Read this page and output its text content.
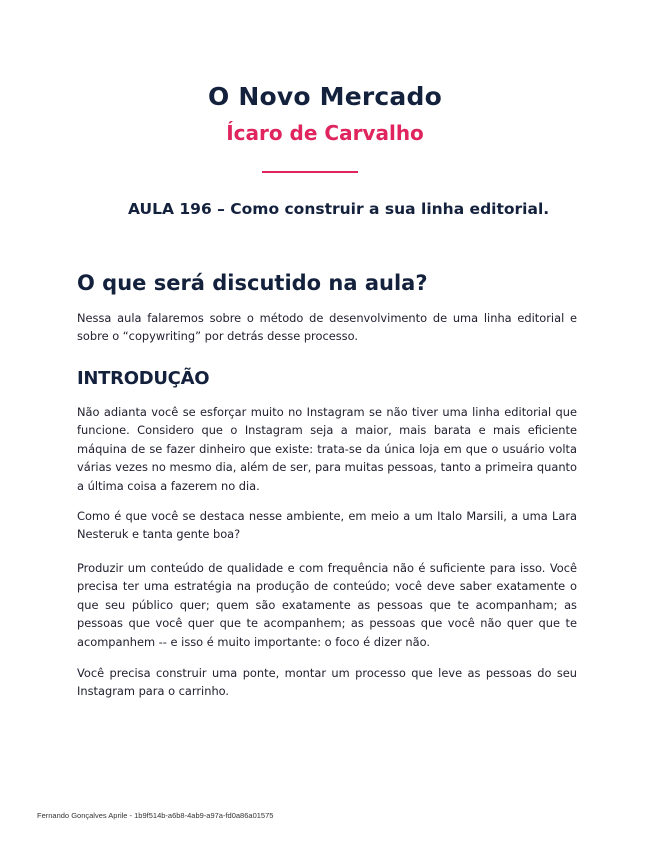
O Novo Mercado
Ícaro de Carvalho
AULA 196 – Como construir a sua linha editorial.
O que será discutido na aula?

Nessa aula falaremos sobre o método de desenvolvimento de uma linha editorial e sobre o “copywriting” por detrás desse processo.

INTRODUÇÃO

Não adianta você se esforçar muito no Instagram se não tiver uma linha editorial que funcione. Considero que o Instagram seja a maior, mais barata e mais eficiente máquina de se fazer dinheiro que existe: trata-se da única loja em que o usuário volta várias vezes no mesmo dia, além de ser, para muitas pessoas, tanto a primeira quanto a última coisa a fazerem no dia.

Como é que você se destaca nesse ambiente, em meio a um Italo Marsili, a uma Lara Nesteruk e tanta gente boa?

Produzir um conteúdo de qualidade e com frequência não é suficiente para isso. Você precisa ter uma estratégia na produção de conteúdo; você deve saber exatamente o que seu público quer; quem são exatamente as pessoas que te acompanham; as pessoas que você quer que te acompanhem; as pessoas que você não quer que te acompanhem -- e isso é muito importante: o foco é dizer não.

Você precisa construir uma ponte, montar um processo que leve as pessoas do seu Instagram para o carrinho.

Fernando Gonçalves Aprile - 1b9f514b-a6b8-4ab9-a97a-fd0a86a01575
